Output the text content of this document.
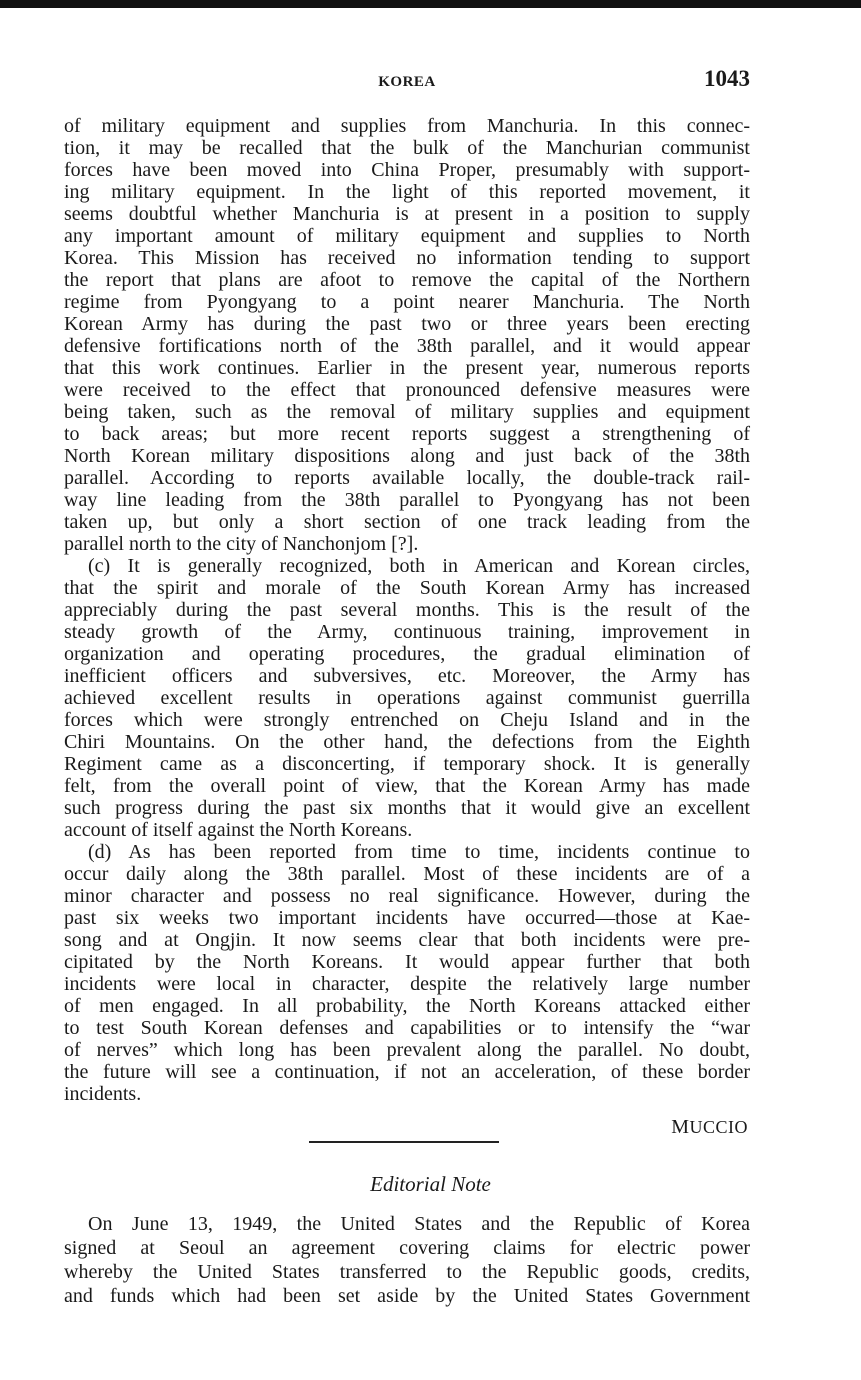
KOREA	1043
of military equipment and supplies from Manchuria. In this connec-
tion, it may be recalled that the bulk of the Manchurian communist
forces have been moved into China Proper, presumably with support-
ing military equipment. In the light of this reported movement, it
seems doubtful whether Manchuria is at present in a position to supply
any important amount of military equipment and supplies to North
Korea. This Mission has received no information tending to support
the report that plans are afoot to remove the capital of the Northern
regime from Pyongyang to a point nearer Manchuria. The North
Korean Army has during the past two or three years been erecting
defensive fortifications north of the 38th parallel, and it would appear
that this work continues. Earlier in the present year, numerous reports
were received to the effect that pronounced defensive measures were
being taken, such as the removal of military supplies and equipment
to back areas; but more recent reports suggest a strengthening of
North Korean military dispositions along and just back of the 38th
parallel. According to reports available locally, the double-track rail-
way line leading from the 38th parallel to Pyongyang has not been
taken up, but only a short section of one track leading from the
parallel north to the city of Nanchonjom [?].
(c) It is generally recognized, both in American and Korean circles,
that the spirit and morale of the South Korean Army has increased
appreciably during the past several months. This is the result of the
steady growth of the Army, continuous training, improvement in
organization and operating procedures, the gradual elimination of
inefficient officers and subversives, etc. Moreover, the Army has
achieved excellent results in operations against communist guerrilla
forces which were strongly entrenched on Cheju Island and in the
Chiri Mountains. On the other hand, the defections from the Eighth
Regiment came as a disconcerting, if temporary shock. It is generally
felt, from the overall point of view, that the Korean Army has made
such progress during the past six months that it would give an excellent
account of itself against the North Koreans.
(d) As has been reported from time to time, incidents continue to
occur daily along the 38th parallel. Most of these incidents are of a
minor character and possess no real significance. However, during the
past six weeks two important incidents have occurred—those at Kae-
song and at Ongjin. It now seems clear that both incidents were pre-
cipitated by the North Koreans. It would appear further that both
incidents were local in character, despite the relatively large number
of men engaged. In all probability, the North Koreans attacked either
to test South Korean defenses and capabilities or to intensify the “war
of nerves” which long has been prevalent along the parallel. No doubt,
the future will see a continuation, if not an acceleration, of these border
incidents.
MUCCIO
Editorial Note
On June 13, 1949, the United States and the Republic of Korea
signed at Seoul an agreement covering claims for electric power
whereby the United States transferred to the Republic goods, credits,
and funds which had been set aside by the United States Government
